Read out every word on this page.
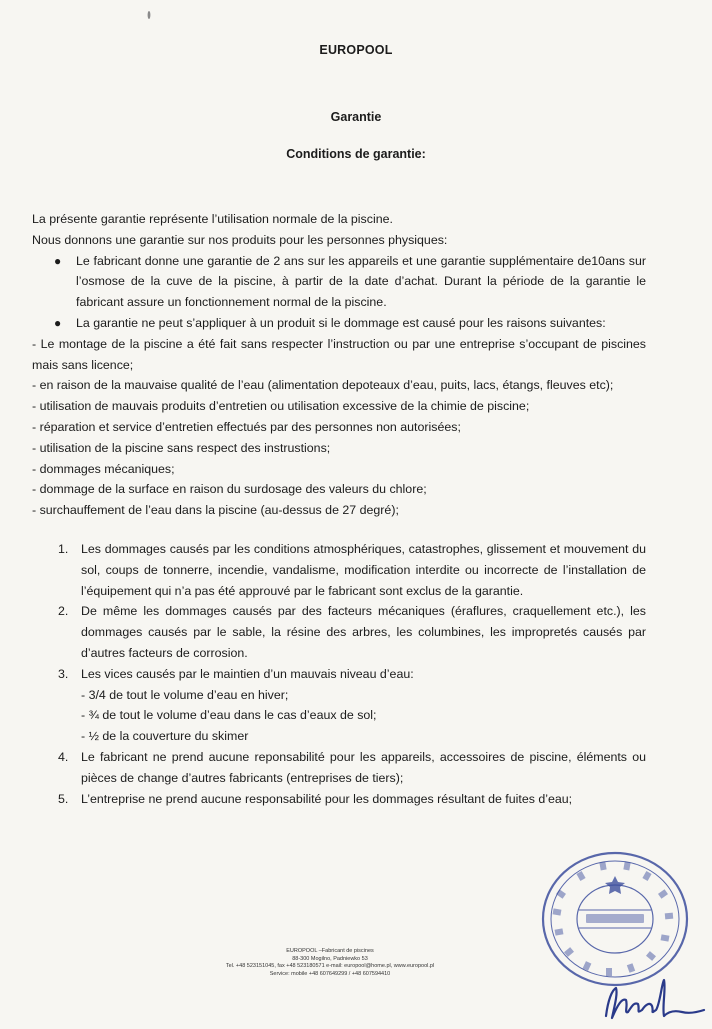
EUROPOOL
Garantie
Conditions de garantie:

La présente garantie représente l’utilisation normale de la piscine.

Nous donnons une garantie sur nos produits pour les personnes physiques:

● Le fabricant donne une garantie de 2 ans sur les appareils et une garantie supplémentaire de10ans sur l’osmose de la cuve de la piscine, à partir de la date d’achat. Durant la période de la garantie le fabricant assure un fonctionnement normal de la piscine.
● La garantie ne peut s’appliquer à un produit si le dommage est causé pour les raisons suivantes:

- Le montage de la piscine a été fait sans respecter l’instruction ou par une entreprise s’occupant de piscines mais sans licence;

- en raison de la mauvaise qualité de l’eau (alimentation depoteaux d’eau, puits, lacs, étangs, fleuves etc);

- utilisation de mauvais produits d’entretien ou utilisation excessive de la chimie de piscine;

- réparation et service d’entretien effectués par des personnes non autorisées;

- utilisation de la piscine sans respect des instrustions;

- dommages mécaniques;

- dommage de la surface en raison du surdosage des valeurs du chlore;

- surchauffement de l’eau dans la piscine (au-dessus de 27 degré);

1. Les dommages causés par les conditions atmosphériques, catastrophes, glissement et mouvement du sol, coups de tonnerre, incendie, vandalisme, modification interdite ou incorrecte de l’installation de l’équipement qui n’a pas été approuvé par le fabricant sont exclus de la garantie.
2. De même les dommages causés par des facteurs mécaniques (éraflures, craquellement etc.), les dommages causés par le sable, la résine des arbres, les columbines, les impropretés causés par d’autres facteurs de corrosion.
3. Les vices causés par le maintien d’un mauvais niveau d’eau:

- 3/4 de tout le volume d’eau en hiver;

- ¾ de tout le volume d’eau dans le cas d’eaux de sol;

- ½ de la couverture du skimer

4. Le fabricant ne prend aucune reponsabilité pour les appareils, accessoires de piscine, éléments ou pièces de change d’autres fabricants (entreprises de tiers);
5. L’entreprise ne prend aucune responsabilité pour les dommages résultant de fuites d’eau;
EUROPOOL –Fabricant de piscines
88-300 Mogilno, Padniewko 53
Tel. +48 523151045, fax +48 523180571 e-mail: europool@home.pl, www.europool.pl
Service: mobile +48 607649299 / +48 607594410
